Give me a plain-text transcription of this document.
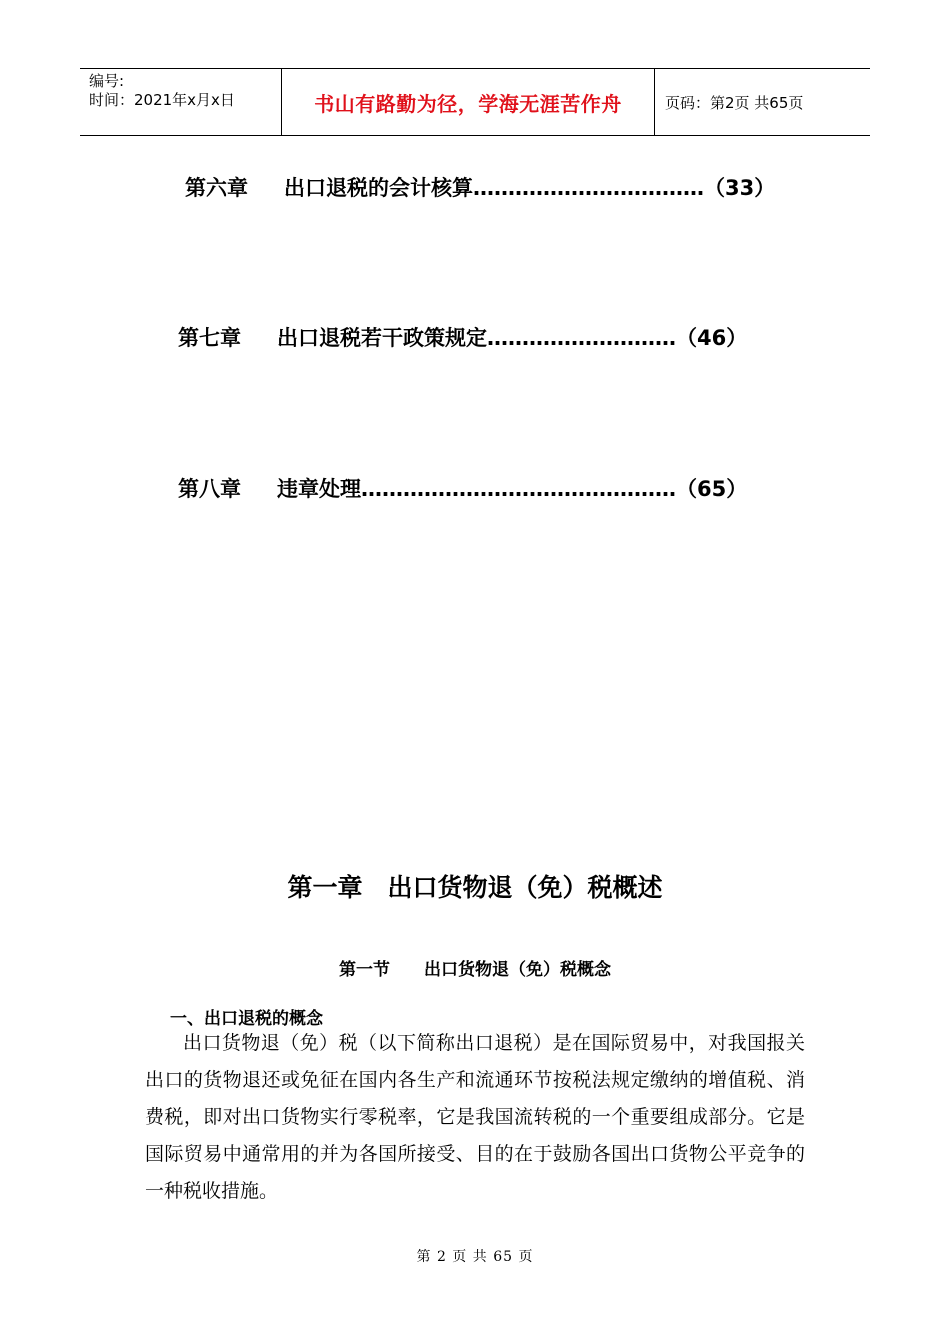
编号:
时间：2021年x月x日	书山有路勤为径，学海无涯苦作舟	页码：第2页 共65页
第六章 出口退税的会计核算……………………………（33）
第七章 出口退税若干政策规定………………………（46）
第八章 违章处理………………………………………（65）
第一章　出口货物退（免）税概述
第一节　　出口货物退（免）税概念
一、出口退税的概念

出口货物退（免）税（以下简称出口退税）是在国际贸易中，对我国报关出口的货物退还或免征在国内各生产和流通环节按税法规定缴纳的增值税、消费税，即对出口货物实行零税率，它是我国流转税的一个重要组成部分。它是国际贸易中通常用的并为各国所接受、目的在于鼓励各国出口货物公平竞争的一种税收措施。

第 2 页 共 65 页
